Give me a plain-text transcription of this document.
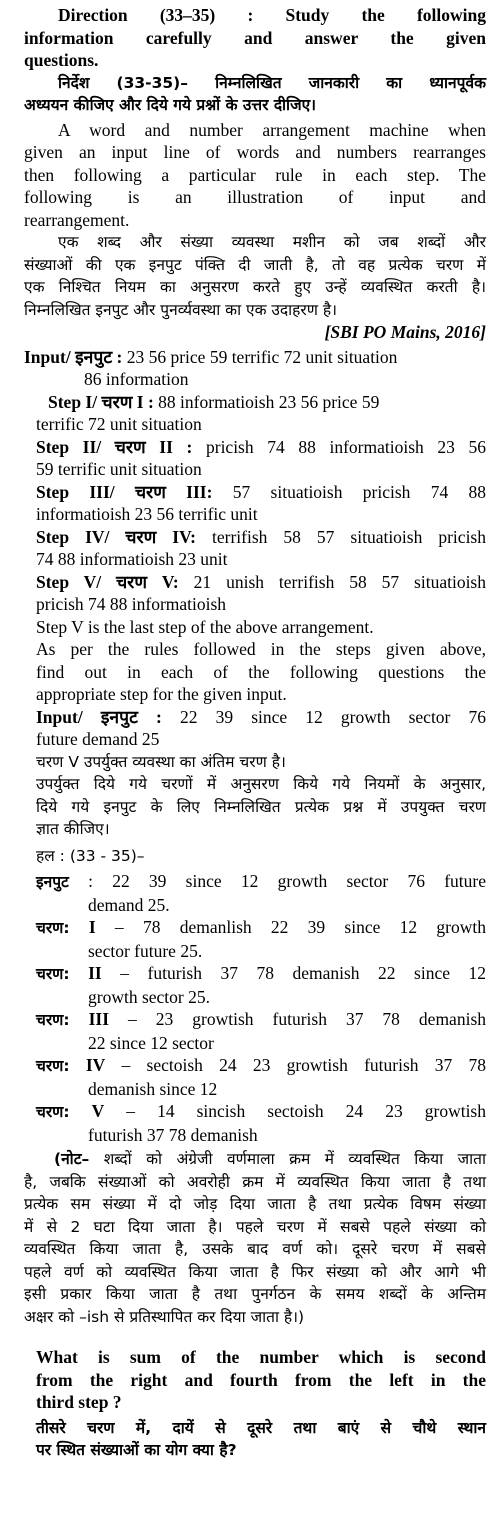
Direction (33–35) : Study the following
information carefully and answer the given
questions.
निर्देश (33-35)– निम्नलिखित जानकारी का ध्यानपूर्वक
अध्ययन कीजिए और दिये गये प्रश्नों के उत्तर दीजिए।
A word and number arrangement machine when
given an input line of words and numbers rearranges
then following a particular rule in each step. The
following is an illustration of input and
rearrangement.
एक शब्द और संख्या व्यवस्था मशीन को जब शब्दों और
संख्याओं की एक इनपुट पंक्ति दी जाती है, तो वह प्रत्येक चरण में
एक निश्चित नियम का अनुसरण करते हुए उन्हें व्यवस्थित करती है।
निम्नलिखित इनपुट और पुनर्व्यवस्था का एक उदाहरण है।
[SBI PO Mains, 2016]
Input/ इनपुट : 23 56 price 59 terrific 72 unit situation
86 information
Step I/ चरण I : 88 informatioish 23 56 price 59
terrific 72 unit situation
Step II/ चरण II : pricish 74 88 informatioish 23 56
59 terrific unit situation
Step III/ चरण III: 57 situatioish pricish 74 88
informatioish 23 56 terrific unit
Step IV/ चरण IV: terrifish 58 57 situatioish pricish
74 88 informatioish 23 unit
Step V/ चरण V: 21 unish terrifish 58 57 situatioish
pricish 74 88 informatioish
Step V is the last step of the above arrangement.
As per the rules followed in the steps given above,
find out in each of the following questions the
appropriate step for the given input.
Input/ इनपुट : 22 39 since 12 growth sector 76
future demand 25
चरण V उपर्युक्त व्यवस्था का अंतिम चरण है।
उपर्युक्त दिये गये चरणों में अनुसरण किये गये नियमों के अनुसार,
दिये गये इनपुट के लिए निम्नलिखित प्रत्येक प्रश्न में उपयुक्त चरण
ज्ञात कीजिए।
हल : (33 - 35)–
इनपुट : 22 39 since 12 growth sector 76 future
demand 25.
चरण: I – 78 demanlish 22 39 since 12 growth
sector future 25.
चरण: II – futurish 37 78 demanish 22 since 12
growth sector 25.
चरण: III – 23 growtish futurish 37 78 demanish
22 since 12 sector
चरण: IV – sectoish 24 23 growtish futurish 37 78
demanish since 12
चरण: V – 14 sincish sectoish 24 23 growtish
futurish 37 78 demanish
(नोट– शब्दों को अंग्रेजी वर्णमाला क्रम में व्यवस्थित किया जाता
है, जबकि संख्याओं को अवरोही क्रम में व्यवस्थित किया जाता है तथा
प्रत्येक सम संख्या में दो जोड़ दिया जाता है तथा प्रत्येक विषम संख्या
में से 2 घटा दिया जाता है। पहले चरण में सबसे पहले संख्या को
व्यवस्थित किया जाता है, उसके बाद वर्ण को। दूसरे चरण में सबसे
पहले वर्ण को व्यवस्थित किया जाता है फिर संख्या को और आगे भी
इसी प्रकार किया जाता है तथा पुनर्गठन के समय शब्दों के अन्तिम
अक्षर को –ish से प्रतिस्थापित कर दिया जाता है।)
What is sum of the number which is second
from the right and fourth from the left in the
third step ?
तीसरे चरण में, दायें से दूसरे तथा बाएं से चौथे स्थान
पर स्थित संख्याओं का योग क्या है?
